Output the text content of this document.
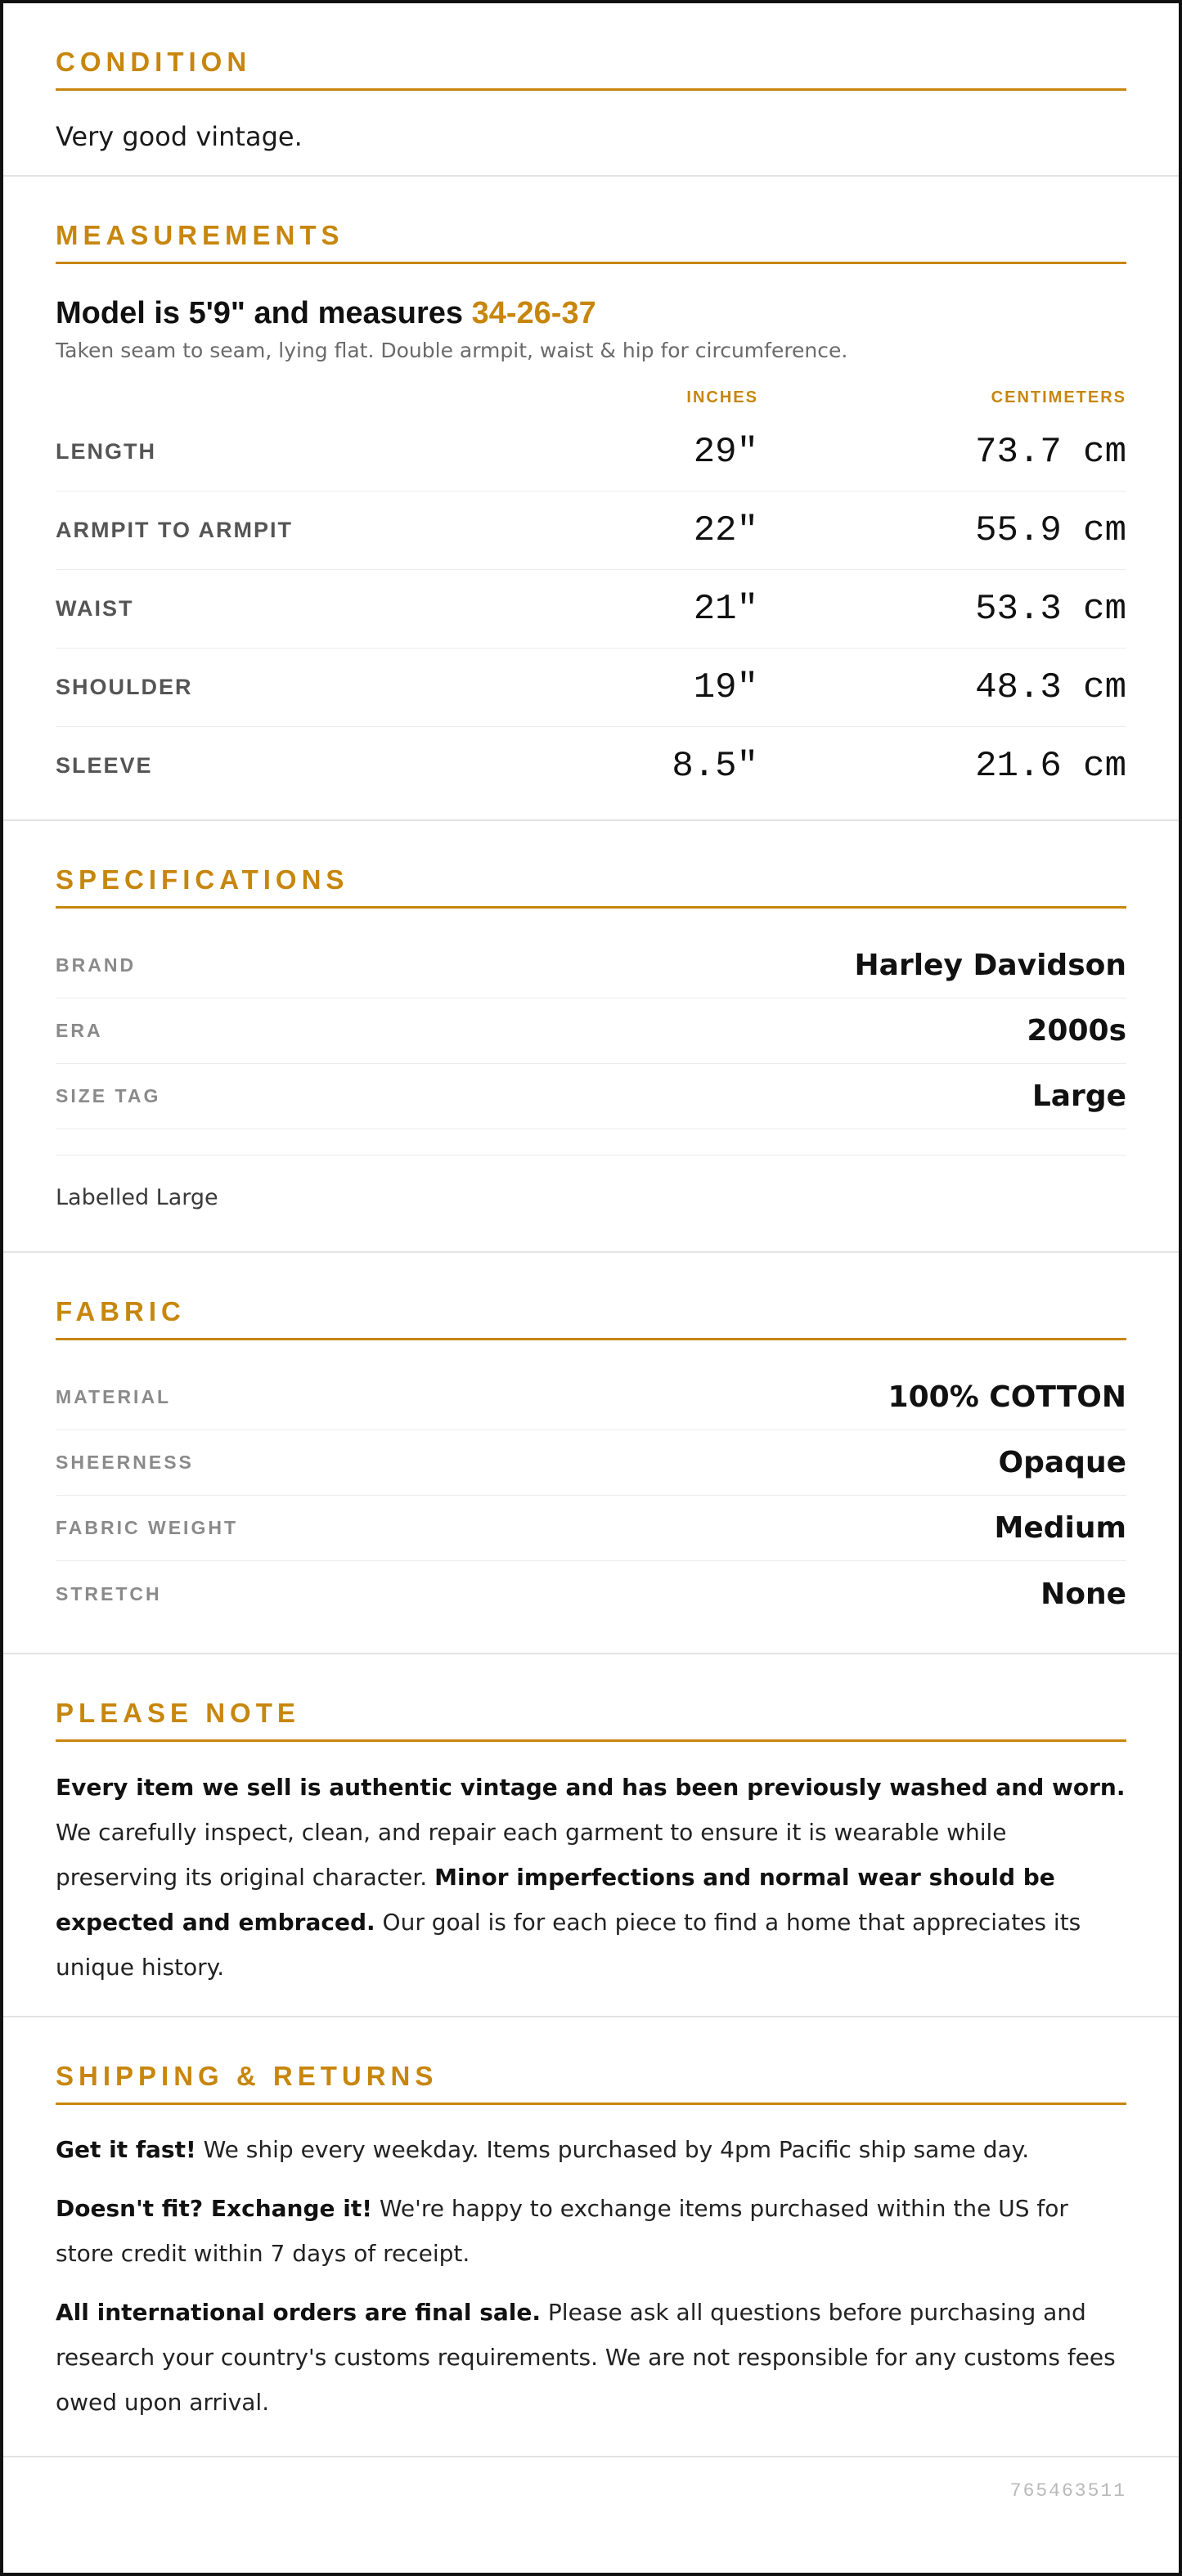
CONDITION
Very good vintage.
MEASUREMENTS
Model is 5'9" and measures 34-26-37
Taken seam to seam, lying flat. Double armpit, waist & hip for circumference.
INCHES	CENTIMETERS
LENGTH	29"	73.7 cm
ARMPIT TO ARMPIT	22"	55.9 cm
WAIST	21"	53.3 cm
SHOULDER	19"	48.3 cm
SLEEVE	8.5"	21.6 cm
SPECIFICATIONS
BRAND	Harley Davidson
ERA	2000s
SIZE TAG	Large
Labelled Large
FABRIC
MATERIAL	100% COTTON
SHEERNESS	Opaque
FABRIC WEIGHT	Medium
STRETCH	None
PLEASE NOTE

Every item we sell is authentic vintage and has been previously washed and worn. We carefully inspect, clean, and repair each garment to ensure it is wearable while preserving its original character. Minor imperfections and normal wear should be expected and embraced. Our goal is for each piece to find a home that appreciates its unique history.

SHIPPING & RETURNS

Get it fast! We ship every weekday. Items purchased by 4pm Pacific ship same day.

Doesn't fit? Exchange it! We're happy to exchange items purchased within the US for store credit within 7 days of receipt.

All international orders are final sale. Please ask all questions before purchasing and research your country's customs requirements. We are not responsible for any customs fees owed upon arrival.

765463511
